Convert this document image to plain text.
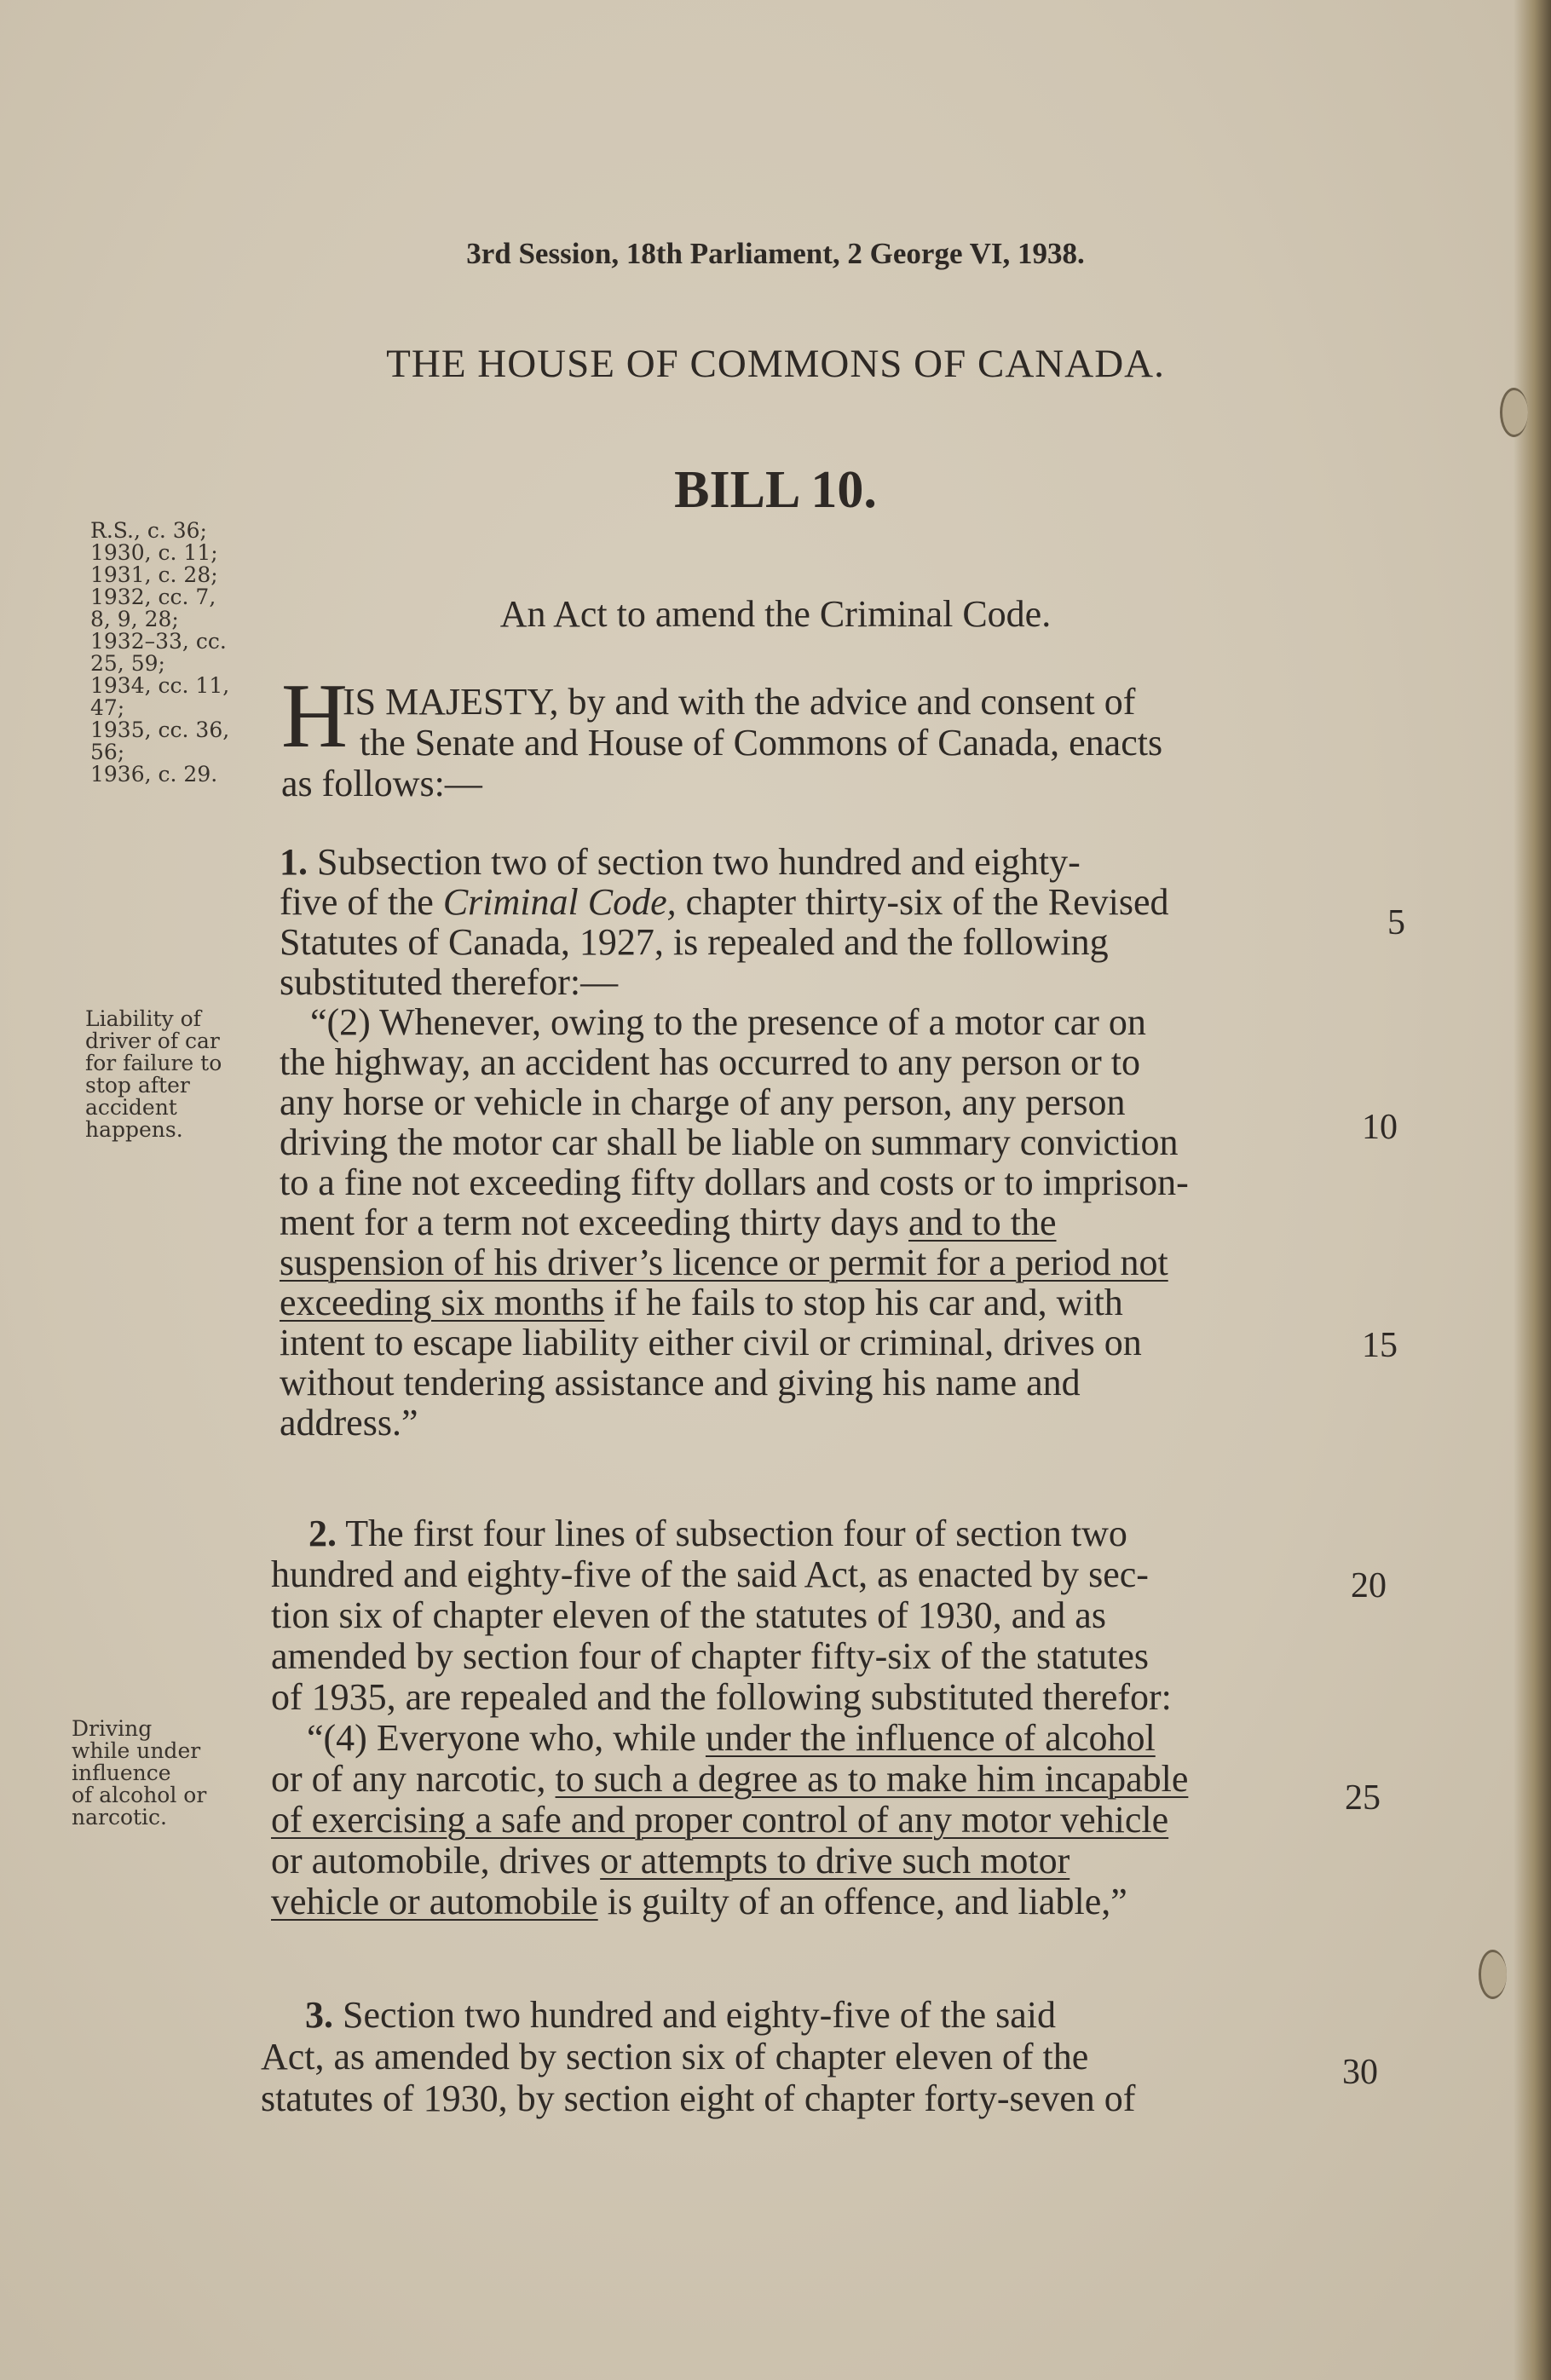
3rd Session, 18th Parliament, 2 George VI, 1938.
THE HOUSE OF COMMONS OF CANADA.
BILL 10.
An Act to amend the Criminal Code.
R.S., c. 36;
1930, c. 11;
1931, c. 28;
1932, cc. 7,
8, 9, 28;
1932–33, cc.
25, 59;
1934, cc. 11,
47;
1935, cc. 36,
56;
1936, c. 29.
Liability of
driver of car
for failure to
stop after
accident
happens.
Driving
while under
influence
of alcohol or
narcotic.
H
IS MAJESTY, by and with the advice and consent of
the Senate and House of Commons of Canada, enacts
as follows:—
1. Subsection two of section two hundred and eighty-
five of the Criminal Code, chapter thirty-six of the Revised
Statutes of Canada, 1927, is repealed and the following
substituted therefor:—
“(2) Whenever, owing to the presence of a motor car on
the highway, an accident has occurred to any person or to
any horse or vehicle in charge of any person, any person
driving the motor car shall be liable on summary conviction
to a fine not exceeding fifty dollars and costs or to imprison-
ment for a term not exceeding thirty days and to the
suspension of his driver’s licence or permit for a period not
exceeding six months if he fails to stop his car and, with
intent to escape liability either civil or criminal, drives on
without tendering assistance and giving his name and
address.”
2. The first four lines of subsection four of section two
hundred and eighty-five of the said Act, as enacted by sec-
tion six of chapter eleven of the statutes of 1930, and as
amended by section four of chapter fifty-six of the statutes
of 1935, are repealed and the following substituted therefor:
“(4) Everyone who, while under the influence of alcohol
or of any narcotic, to such a degree as to make him incapable
of exercising a safe and proper control of any motor vehicle
or automobile, drives or attempts to drive such motor
vehicle or automobile is guilty of an offence, and liable,”
3. Section two hundred and eighty-five of the said
Act, as amended by section six of chapter eleven of the
statutes of 1930, by section eight of chapter forty-seven of
5
10
15
20
25
30
